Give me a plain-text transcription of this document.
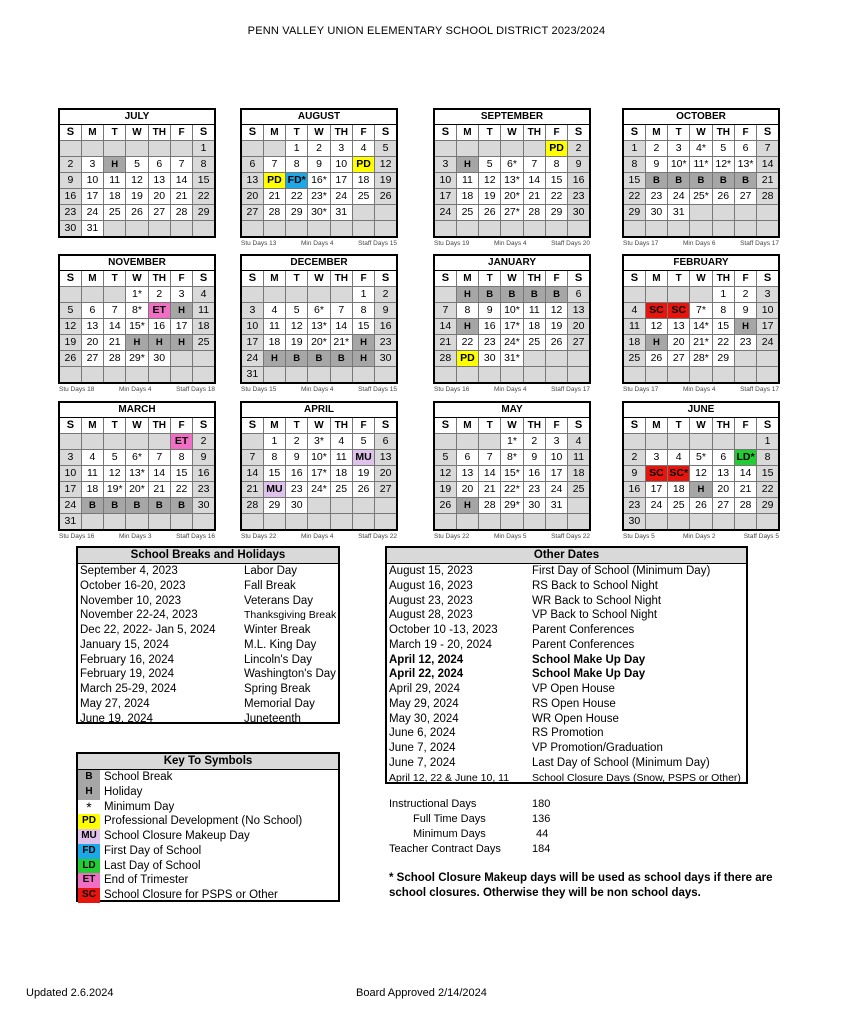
PENN VALLEY UNION ELEMENTARY SCHOOL DISTRICT 2023/2024
JULY						
S	M	T	W	TH	F	S
						1
2	3	H	5	6	7	8
9	10	11	12	13	14	15
16	17	18	19	20	21	22
23	24	25	26	27	28	29
30	31					
AUGUST						
S	M	T	W	TH	F	S
		1	2	3	4	5
6	7	8	9	10	PD	12
13	PD	FD*	16*	17	18	19
20	21	22	23*	24	25	26
27	28	29	30*	31		

Stu Days 13	Min Days 4	Staff Days 15
SEPTEMBER						
S	M	T	W	TH	F	S
					PD	2
3	H	5	6*	7	8	9
10	11	12	13*	14	15	16
17	18	19	20*	21	22	23
24	25	26	27*	28	29	30

Stu Days 19	Min Days 4	Staff Days 20
OCTOBER						
S	M	T	W	TH	F	S
1	2	3	4*	5	6	7
8	9	10*	11*	12*	13*	14
15	B	B	B	B	B	21
22	23	24	25*	26	27	28
29	30	31				

Stu Days 17	Min Days 6	Staff Days 17
NOVEMBER						
S	M	T	W	TH	F	S
			1*	2	3	4
5	6	7	8*	ET	H	11
12	13	14	15*	16	17	18
19	20	21	H	H	H	25
26	27	28	29*	30		

Stu Days 18	Min Days 4	Staff Days 18
DECEMBER						
S	M	T	W	TH	F	S
					1	2
3	4	5	6*	7	8	9
10	11	12	13*	14	15	16
17	18	19	20*	21*	H	23
24	H	B	B	B	H	30
31						
Stu Days 15	Min Days 4	Staff Days 15
JANUARY						
S	M	T	W	TH	F	S
	H	B	B	B	B	6
7	8	9	10*	11	12	13
14	H	16	17*	18	19	20
21	22	23	24*	25	26	27
28	PD	30	31*			

Stu Days 16	Min Days 4	Staff Days 17
FEBRUARY						
S	M	T	W	TH	F	S
				1	2	3
4	SC	SC	7*	8	9	10
11	12	13	14*	15	H	17
18	H	20	21*	22	23	24
25	26	27	28*	29		

Stu Days 17	Min Days 4	Staff Days 17
MARCH						
S	M	T	W	TH	F	S
					ET	2
3	4	5	6*	7	8	9
10	11	12	13*	14	15	16
17	18	19*	20*	21	22	23
24	B	B	B	B	B	30
31						
Stu Days 16	Min Days 3	Staff Days 16
APRIL						
S	M	T	W	TH	F	S
	1	2	3*	4	5	6
7	8	9	10*	11	MU	13
14	15	16	17*	18	19	20
21	MU	23	24*	25	26	27
28	29	30				

Stu Days 22	Min Days 4	Staff Days 22
MAY						
S	M	T	W	TH	F	S
			1*	2	3	4
5	6	7	8*	9	10	11
12	13	14	15*	16	17	18
19	20	21	22*	23	24	25
26	H	28	29*	30	31	

Stu Days 22	Min Days 5	Staff Days 22
JUNE						
S	M	T	W	TH	F	S
						1
2	3	4	5*	6	LD*	8
9	SC	SC*	12	13	14	15
16	17	18	H	20	21	22
23	24	25	26	27	28	29
30						
Stu Days 5	Min Days 2	Staff Days 5
School Breaks and Holidays
September 4, 2023	Labor Day
October 16-20, 2023	Fall Break
November 10, 2023	Veterans Day
November 22-24, 2023	Thanksgiving Break
Dec 22, 2022- Jan 5, 2024	Winter Break
January 15, 2024	M.L. King Day
February 16, 2024	Lincoln's Day
February 19, 2024	Washington's Day
March 25-29, 2024	Spring Break
May 27, 2024	Memorial Day
June 19, 2024	Juneteenth
Other Dates
August 15, 2023	First Day of School (Minimum Day)
August 16, 2023	RS Back to School Night
August 23, 2023	WR Back to School Night
August 28, 2023	VP Back to School Night
October 10 -13, 2023	Parent Conferences
March 19 - 20, 2024	Parent Conferences
April 12, 2024	School Make Up Day
April 22, 2024	School Make Up Day
April 29, 2024	VP Open House
May 29, 2024	RS Open House
May 30, 2024	WR Open House
June 6, 2024	RS Promotion
June 7, 2024	VP Promotion/Graduation
June 7, 2024	Last Day of School (Minimum Day)
April 12, 22 & June 10, 11	School Closure Days (Snow, PSPS or Other)
Key To Symbols
B School Break
H Holiday
*	Minimum Day
PD Professional Development (No School)
MU School Closure Makeup Day
FD First Day of School
LD Last Day of School
ET End of Trimester
SC School Closure for PSPS or Other
Instructional Days	180
Full Time Days	136
Minimum Days	44
Teacher Contract Days	184
* School Closure Makeup days will be used as school days if there are school closures. Otherwise they will be non school days.
Updated 2.6.2024	Board Approved 2/14/2024
